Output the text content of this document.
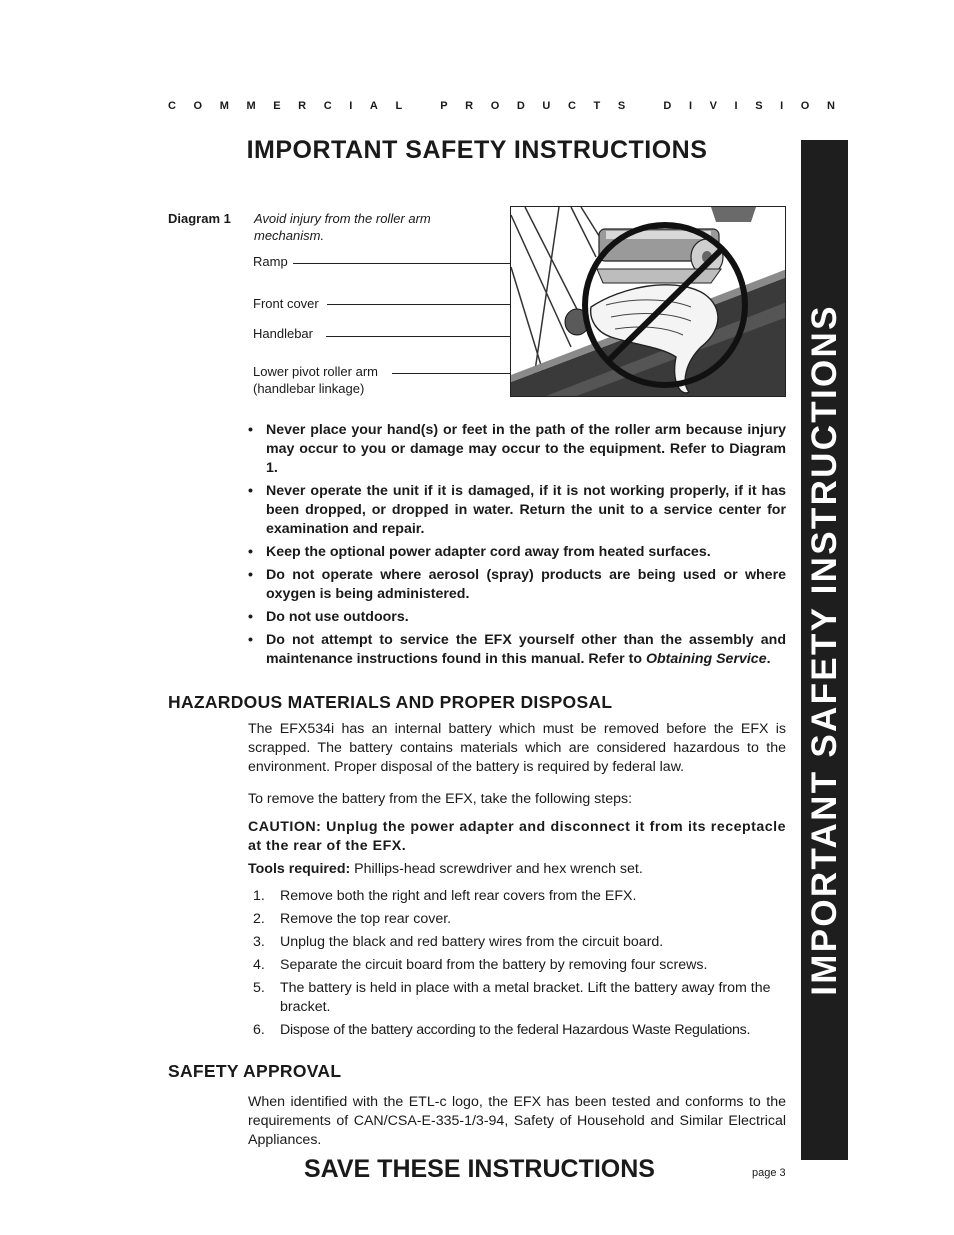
COMMERCIAL PRODUCTS DIVISION
IMPORTANT SAFETY INSTRUCTIONS
IMPORTANT SAFETY INSTRUCTIONS
Diagram 1 Avoid injury from the roller arm mechanism.
Ramp
Front cover
Handlebar
Lower pivot roller arm
(handlebar linkage)
• Never place your hand(s) or feet in the path of the roller arm because injury may occur to you or damage may occur to the equipment. Refer to Diagram 1.
• Never operate the unit if it is damaged, if it is not working properly, if it has been dropped, or dropped in water. Return the unit to a service center for examination and repair.
• Keep the optional power adapter cord away from heated surfaces.
• Do not operate where aerosol (spray) products are being used or where oxygen is being administered.
• Do not use outdoors.
• Do not attempt to service the EFX yourself other than the assembly and maintenance instructions found in this manual. Refer to Obtaining Service.
HAZARDOUS MATERIALS AND PROPER DISPOSAL

The EFX534i has an internal battery which must be removed before the EFX is scrapped. The battery contains materials which are considered hazardous to the environment. Proper disposal of the battery is required by federal law.

To remove the battery from the EFX, take the following steps:

CAUTION: Unplug the power adapter and disconnect it from its receptacle at the rear of the EFX.

Tools required: Phillips-head screwdriver and hex wrench set.

1.	Remove both the right and left rear covers from the EFX.
2.	Remove the top rear cover.
3.	Unplug the black and red battery wires from the circuit board.
4.	Separate the circuit board from the battery by removing four screws.
5.	The battery is held in place with a metal bracket. Lift the battery away from the bracket.
6.	Dispose of the battery according to the federal Hazardous Waste Regulations.
SAFETY APPROVAL

When identified with the ETL-c logo, the EFX has been tested and conforms to the requirements of CAN/CSA-E-335-1/3-94, Safety of Household and Similar Electrical Appliances.

SAVE THESE INSTRUCTIONS	page 3
